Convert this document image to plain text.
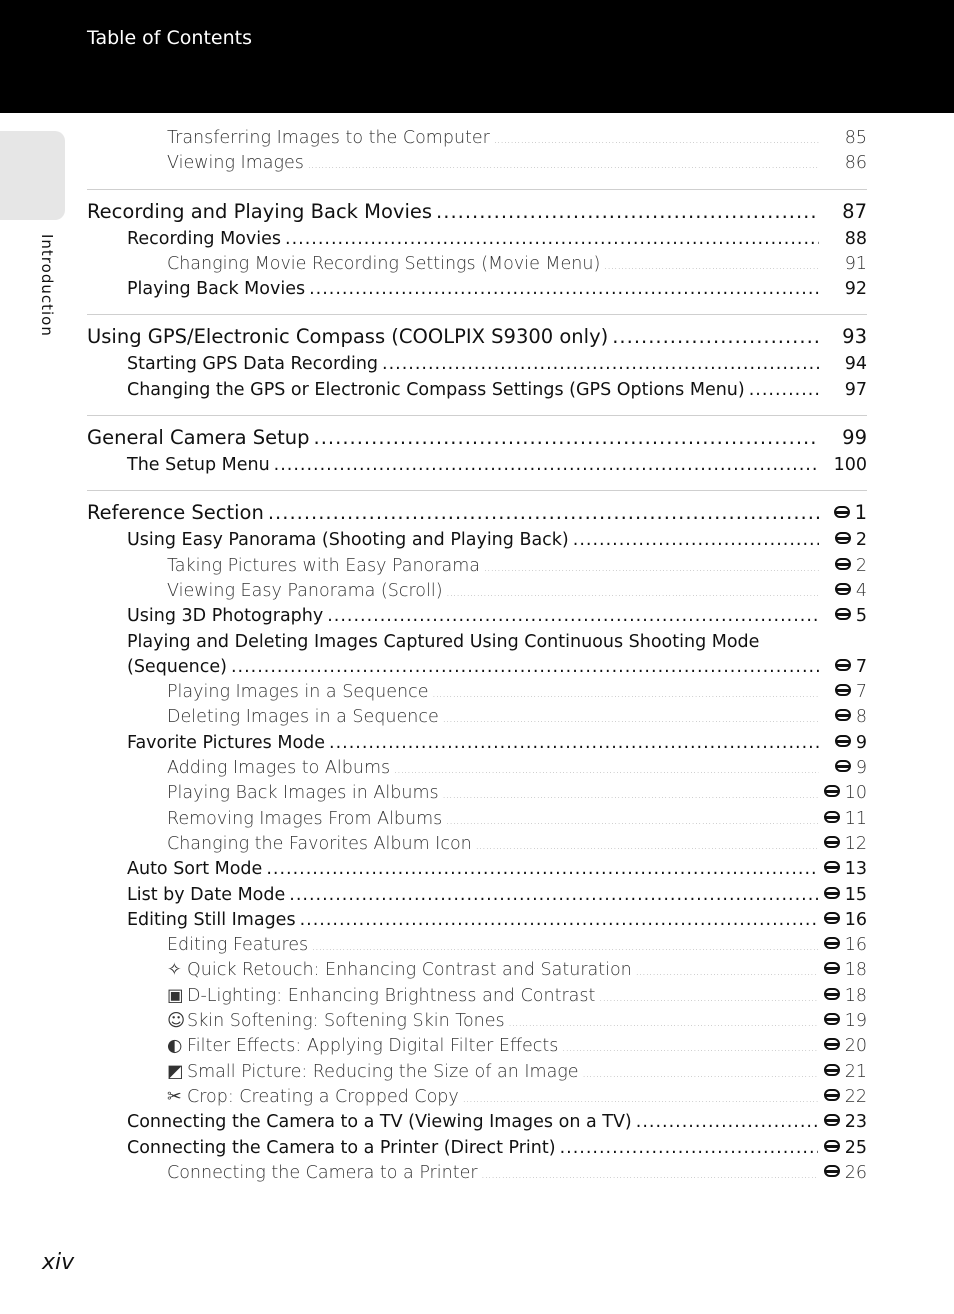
Table of Contents
Introduction
Transferring Images to the Computer .....	85
Viewing Images .....	86
Recording and Playing Back Movies .....	87
Recording Movies .....	88
Changing Movie Recording Settings (Movie Menu) .....	91
Playing Back Movies .....	92
Using GPS/Electronic Compass (COOLPIX S9300 only) .....	93
Starting GPS Data Recording .....	94
Changing the GPS or Electronic Compass Settings (GPS Options Menu) .....	97
General Camera Setup .....	99
The Setup Menu .....	100
Reference Section .....	1
Using Easy Panorama (Shooting and Playing Back) .....	2
Taking Pictures with Easy Panorama .....	2
Viewing Easy Panorama (Scroll) .....	4
Using 3D Photography .....	5
Playing and Deleting Images Captured Using Continuous Shooting Mode
(Sequence) .....	7
Playing Images in a Sequence .....	7
Deleting Images in a Sequence .....	8
Favorite Pictures Mode .....	9
Adding Images to Albums .....	9
Playing Back Images in Albums .....	10
Removing Images From Albums .....	11
Changing the Favorites Album Icon .....	12
Auto Sort Mode .....	13
List by Date Mode .....	15
Editing Still Images .....	16
Editing Features .....	16
✧ Quick Retouch: Enhancing Contrast and Saturation .....	18
▣ D-Lighting: Enhancing Brightness and Contrast .....	18
☺ Skin Softening: Softening Skin Tones .....	19
◐ Filter Effects: Applying Digital Filter Effects .....	20
◩ Small Picture: Reducing the Size of an Image .....	21
✂ Crop: Creating a Cropped Copy .....	22
Connecting the Camera to a TV (Viewing Images on a TV) .....	23
Connecting the Camera to a Printer (Direct Print) .....	25
Connecting the Camera to a Printer .....	26
xiv
